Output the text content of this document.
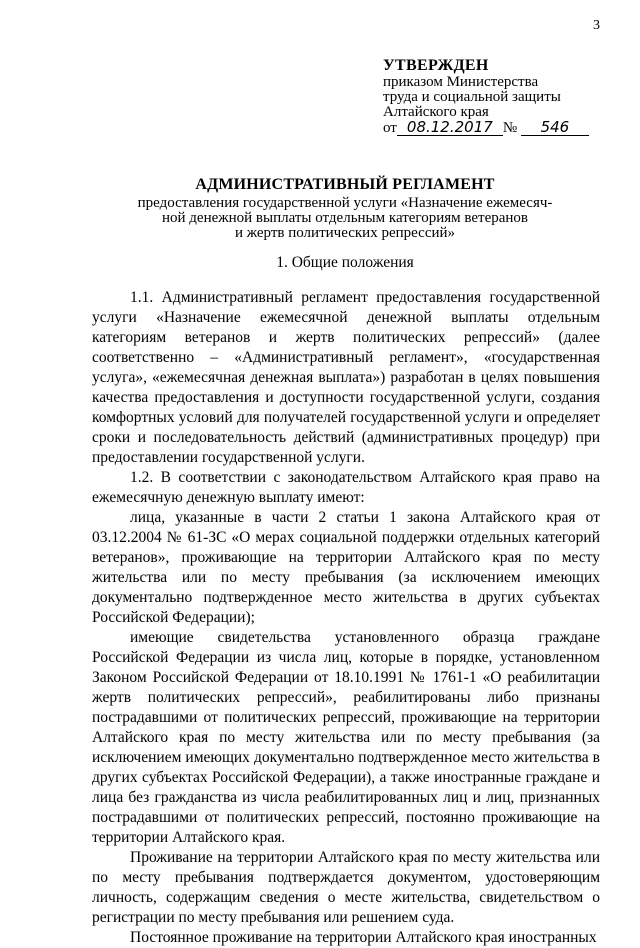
3
УТВЕРЖДЕН
приказом Министерства
труда и социальной защиты
Алтайского края
от 08.12.2017 № 546
АДМИНИСТРАТИВНЫЙ РЕГЛАМЕНТ
предоставления государственной услуги «Назначение ежемесяч-
ной денежной выплаты отдельным категориям ветеранов
и жертв политических репрессий»
1. Общие положения

1.1. Административный регламент предоставления государственной услуги «Назначение ежемесячной денежной выплаты отдельным категориям ветеранов и жертв политических репрессий» (далее соответственно – «Административный регламент», «государственная услуга», «ежемесячная денежная выплата») разработан в целях повышения качества предоставления и доступности государственной услуги, создания комфортных условий для получателей государственной услуги и определяет сроки и последовательность действий (административных процедур) при предоставлении государственной услуги.

1.2. В соответствии с законодательством Алтайского края право на ежемесячную денежную выплату имеют:

лица, указанные в части 2 статьи 1 закона Алтайского края от 03.12.2004 № 61-ЗС «О мерах социальной поддержки отдельных категорий ветеранов», проживающие на территории Алтайского края по месту жительства или по месту пребывания (за исключением имеющих документально подтвержденное место жительства в других субъектах Российской Федерации);

имеющие свидетельства установленного образца граждане Российской Федерации из числа лиц, которые в порядке, установленном Законом Российской Федерации от 18.10.1991 № 1761-1 «О реабилитации жертв политических репрессий», реабилитированы либо признаны пострадавшими от политических репрессий, проживающие на территории Алтайского края по месту жительства или по месту пребывания (за исключением имеющих документально подтвержденное место жительства в других субъектах Российской Федерации), а также иностранные граждане и лица без гражданства из числа реабилитированных лиц и лиц, признанных пострадавшими от политических репрессий, постоянно проживающие на территории Алтайского края.

Проживание на территории Алтайского края по месту жительства или по месту пребывания подтверждается документом, удостоверяющим личность, содержащим сведения о месте жительства, свидетельством о регистрации по месту пребывания или решением суда.

Постоянное проживание на территории Алтайского края иностранных
